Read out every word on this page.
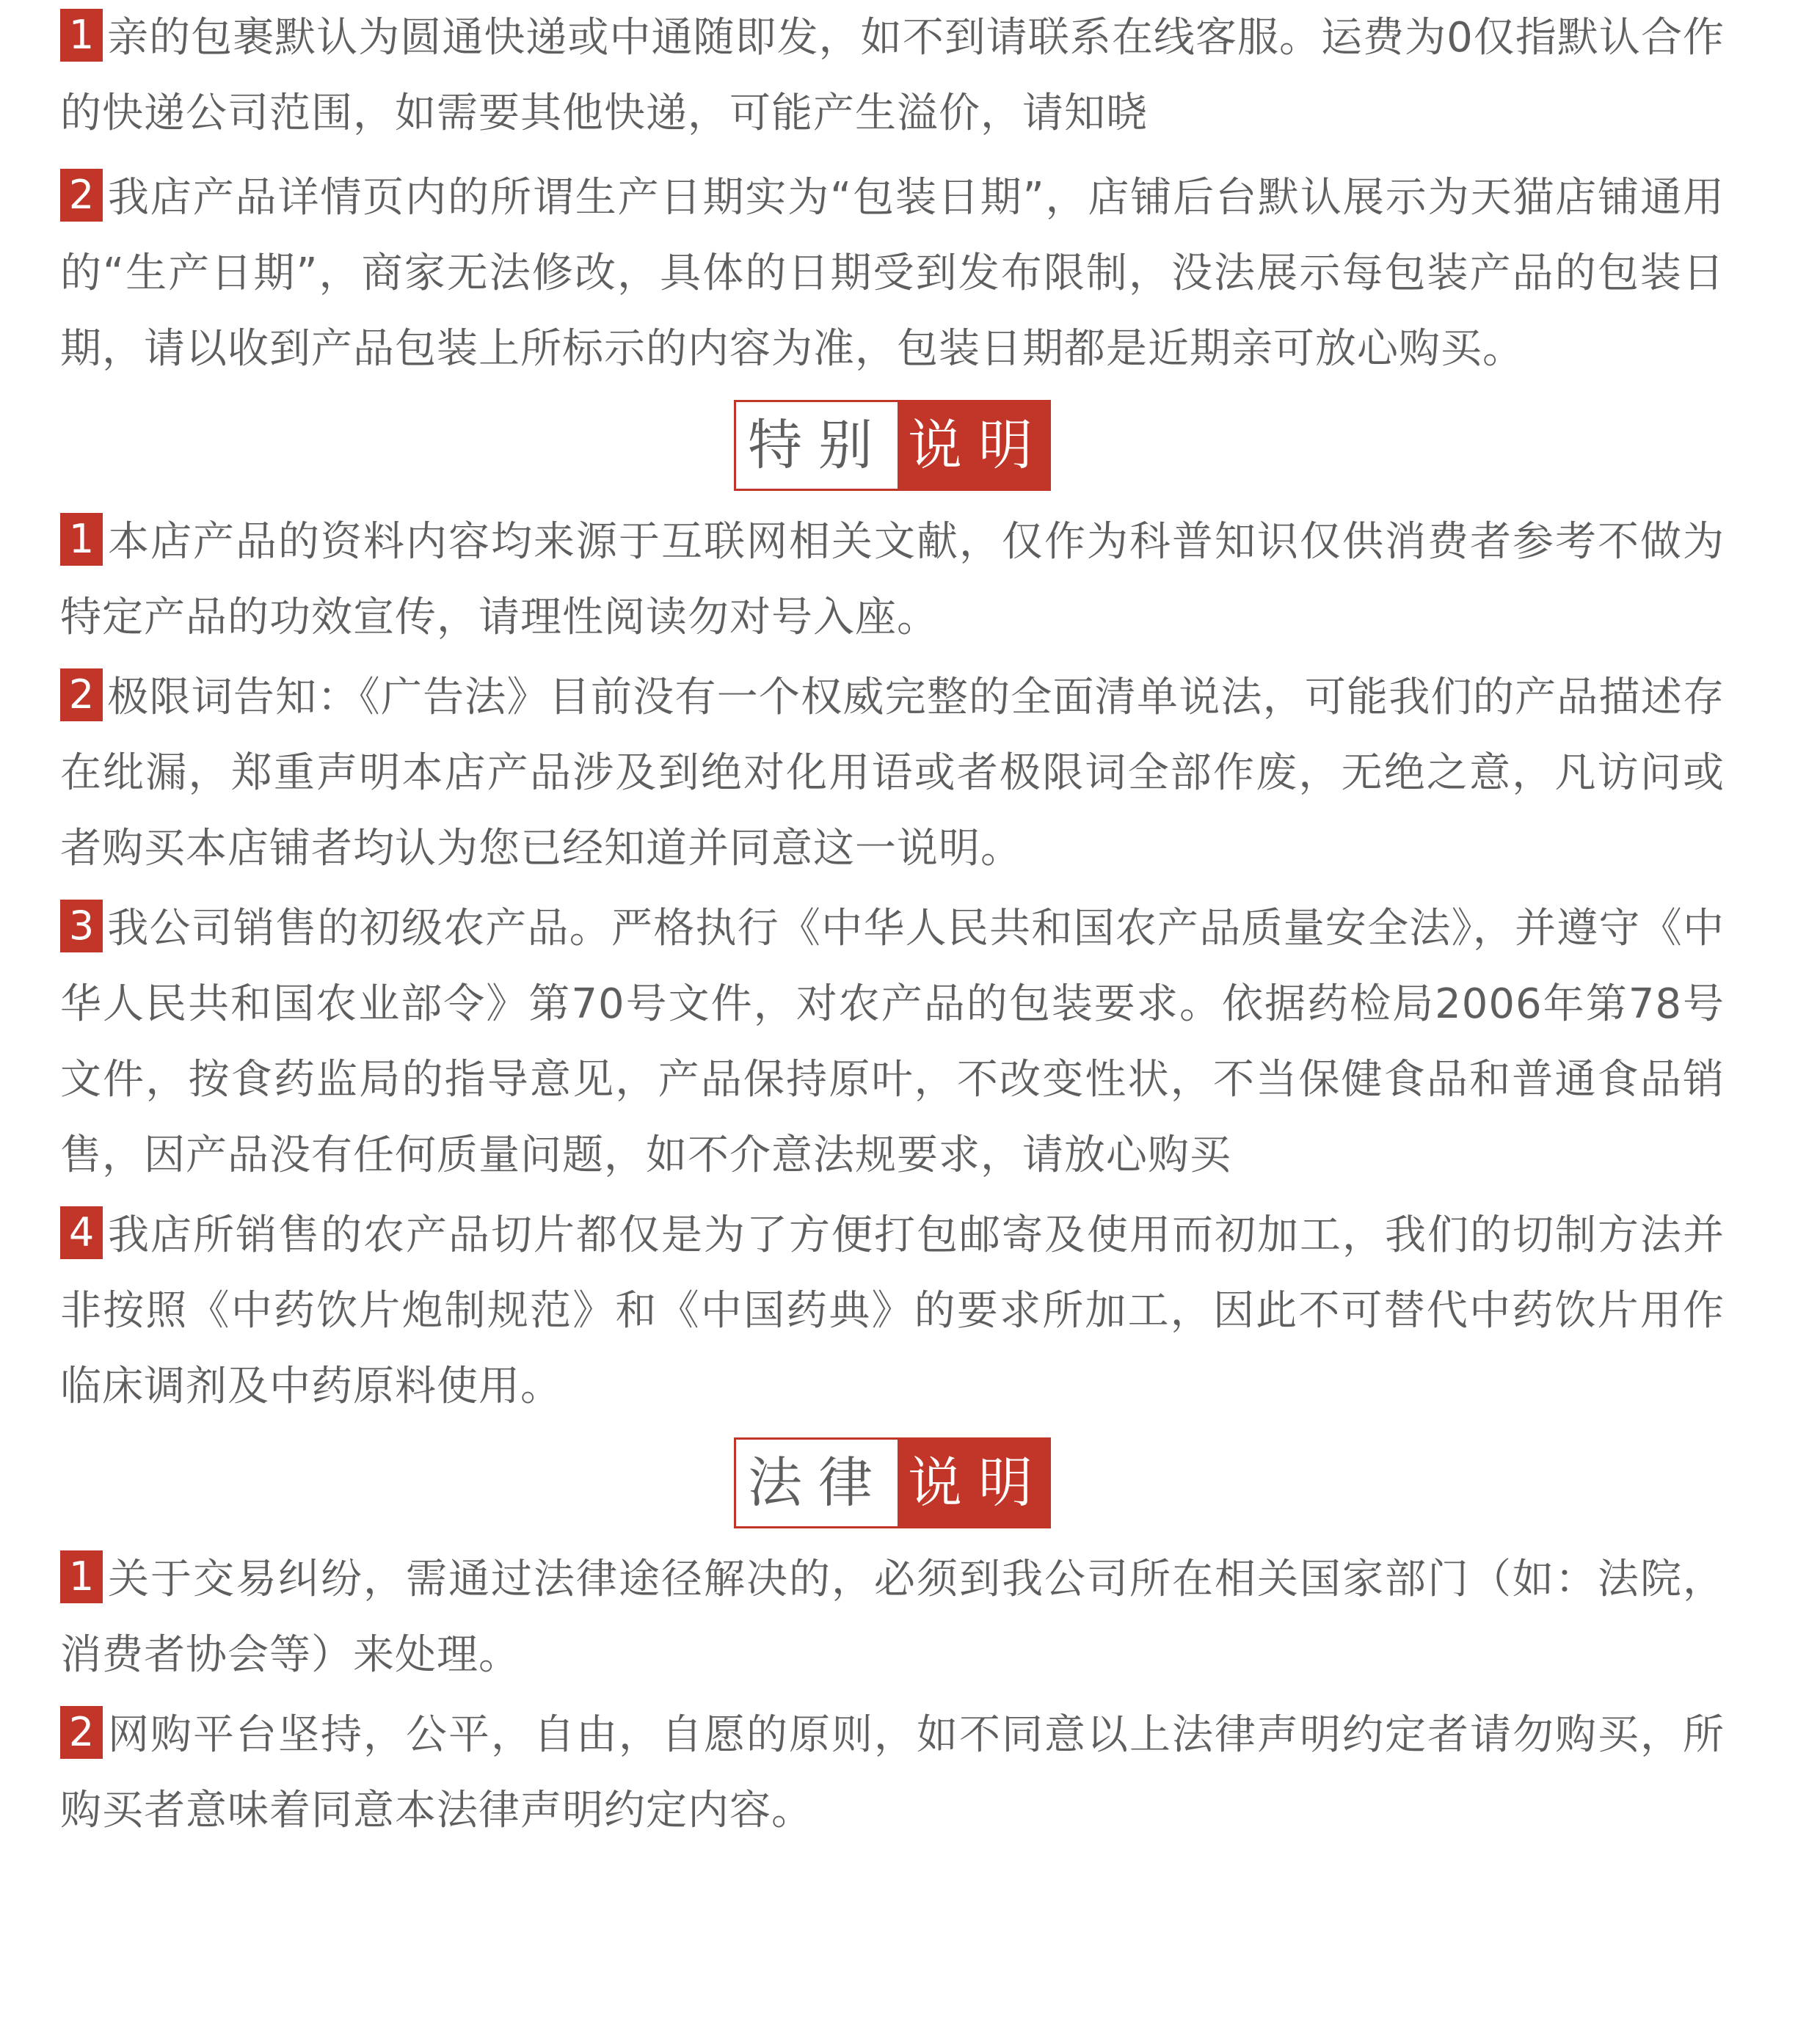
1 亲的包裹默认为圆通快递或中通随即发，如不到请联系在线客服。运费为0仅指默认合作的快递公司范围，如需要其他快递，可能产生溢价，请知晓

2 我店产品详情页内的所谓生产日期实为“包装日期”，店铺后台默认展示为天猫店铺通用的“生产日期”，商家无法修改，具体的日期受到发布限制，没法展示每包装产品的包装日期，请以收到产品包装上所标示的内容为准，包装日期都是近期亲可放心购买。

特别 说明

1 本店产品的资料内容均来源于互联网相关文献，仅作为科普知识仅供消费者参考不做为特定产品的功效宣传，请理性阅读勿对号入座。

2 极限词告知：《广告法》目前没有一个权威完整的全面清单说法，可能我们的产品描述存在纰漏，郑重声明本店产品涉及到绝对化用语或者极限词全部作废，无绝之意，凡访问或者购买本店铺者均认为您已经知道并同意这一说明。

3 我公司销售的初级农产品。严格执行《中华人民共和国农产品质量安全法》，并遵守《中华人民共和国农业部令》第70号文件，对农产品的包装要求。依据药检局2006年第78号文件，按食药监局的指导意见，产品保持原叶，不改变性状，不当保健食品和普通食品销售，因产品没有任何质量问题，如不介意法规要求，请放心购买

4 我店所销售的农产品切片都仅是为了方便打包邮寄及使用而初加工，我们的切制方法并非按照《中药饮片炮制规范》和《中国药典》的要求所加工，因此不可替代中药饮片用作临床调剂及中药原料使用。

法律 说明

1 关于交易纠纷，需通过法律途径解决的，必须到我公司所在相关国家部门（如：法院，消费者协会等）来处理。

2 网购平台坚持，公平，自由，自愿的原则，如不同意以上法律声明约定者请勿购买，所购买者意味着同意本法律声明约定内容。
